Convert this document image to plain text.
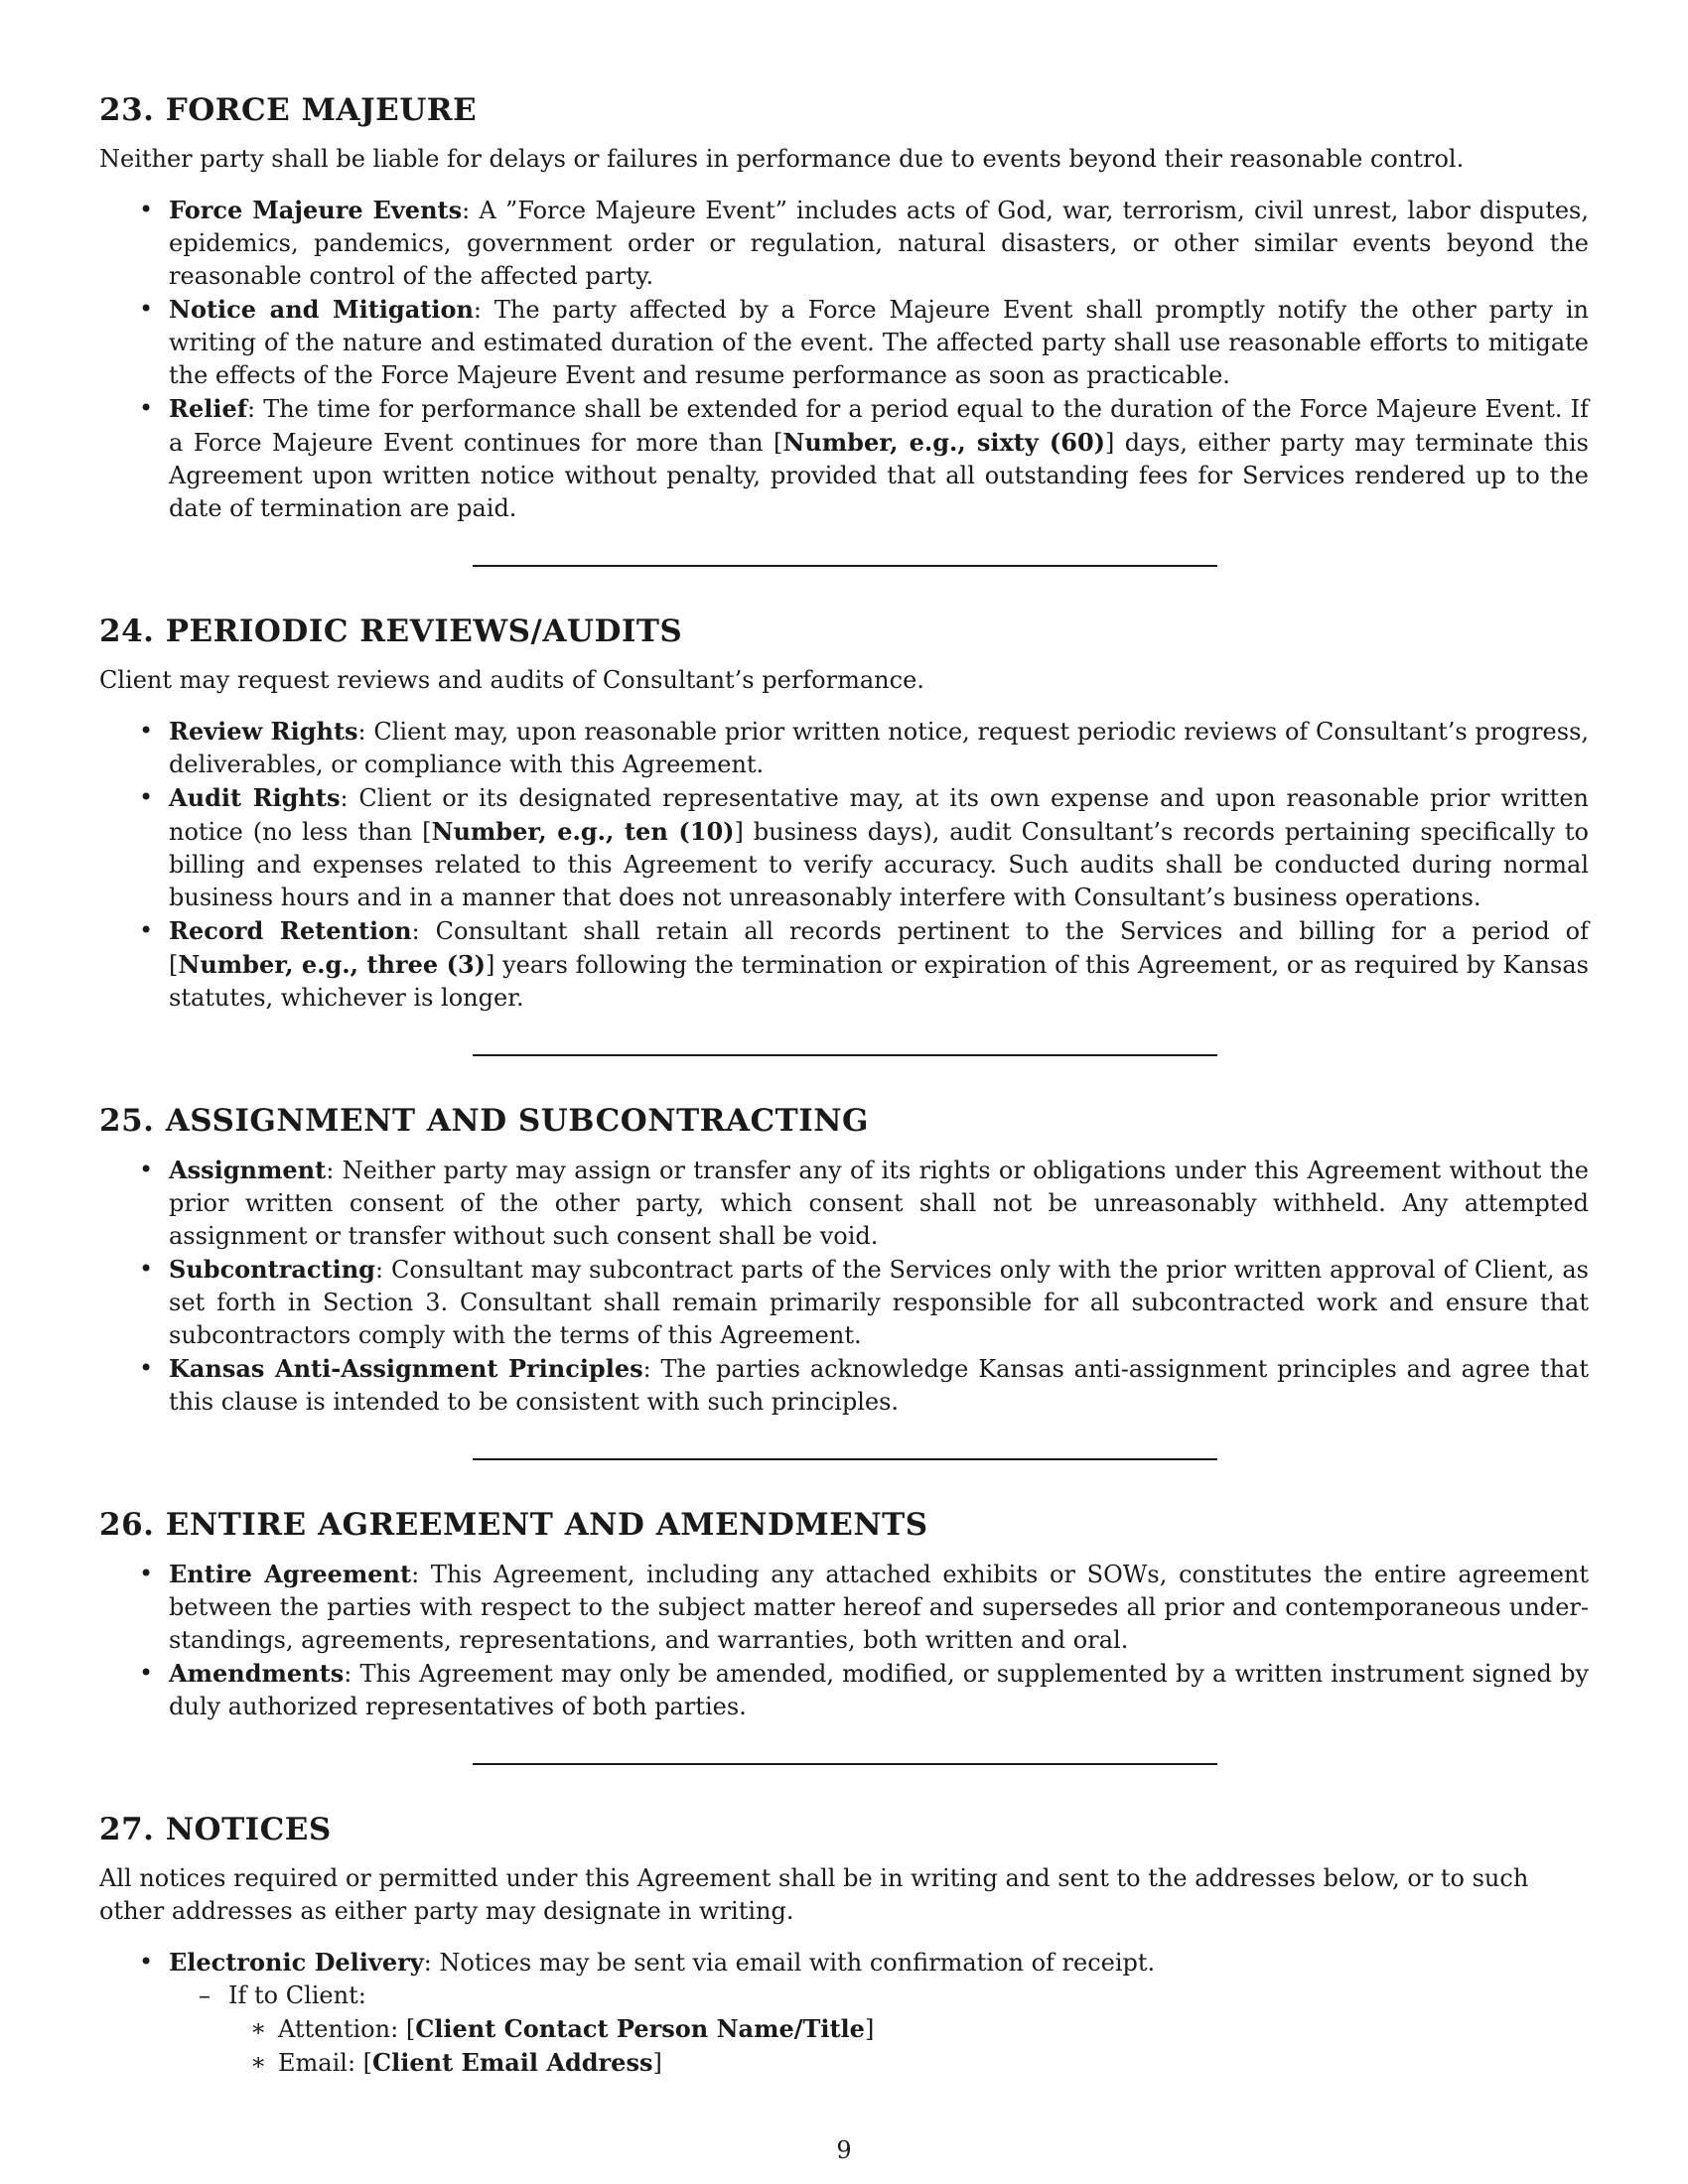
23. FORCE MAJEURE

Neither party shall be liable for delays or failures in performance due to events beyond their reasonable control.

• Force Majeure Events: A ”Force Majeure Event” includes acts of God, war, terrorism, civil unrest, labor disputes, epidemics, pandemics, government order or regulation, natural disasters, or other similar events beyond the reasonable control of the affected party.
• Notice and Mitigation: The party affected by a Force Majeure Event shall promptly notify the other party in writing of the nature and estimated duration of the event. The affected party shall use reasonable efforts to mitigate the effects of the Force Majeure Event and resume performance as soon as practicable.
• Relief: The time for performance shall be extended for a period equal to the duration of the Force Majeure Event. If a Force Majeure Event continues for more than [Number, e.g., sixty (60)] days, either party may terminate this Agreement upon written notice without penalty, provided that all outstanding fees for Services rendered up to the date of termination are paid.
24. PERIODIC REVIEWS/AUDITS

Client may request reviews and audits of Consultant’s performance.

• Review Rights: Client may, upon reasonable prior written notice, request periodic reviews of Consultant’s progress, deliverables, or compliance with this Agreement.
• Audit Rights: Client or its designated representative may, at its own expense and upon reasonable prior written notice (no less than [Number, e.g., ten (10)] business days), audit Consultant’s records pertaining specifically to billing and expenses related to this Agreement to verify accuracy. Such audits shall be conducted during normal business hours and in a manner that does not unreasonably interfere with Consultant’s business operations.
• Record Retention: Consultant shall retain all records pertinent to the Services and billing for a period of [Number, e.g., three (3)] years following the termination or expiration of this Agreement, or as required by Kansas statutes, whichever is longer.
25. ASSIGNMENT AND SUBCONTRACTING
• Assignment: Neither party may assign or transfer any of its rights or obligations under this Agreement without the prior written consent of the other party, which consent shall not be unreasonably withheld. Any attempted assignment or transfer without such consent shall be void.
• Subcontracting: Consultant may subcontract parts of the Services only with the prior written approval of Client, as set forth in Section 3. Consultant shall remain primarily responsible for all subcontracted work and ensure that subcontractors comply with the terms of this Agreement.
• Kansas Anti-Assignment Principles: The parties acknowledge Kansas anti-assignment principles and agree that this clause is intended to be consistent with such principles.
26. ENTIRE AGREEMENT AND AMENDMENTS
• Entire Agreement: This Agreement, including any attached exhibits or SOWs, constitutes the entire agreement between the parties with respect to the subject matter hereof and supersedes all prior and contemporaneous understandings, agreements, representations, and warranties, both written and oral.
• Amendments: This Agreement may only be amended, modified, or supplemented by a written instrument signed by duly authorized representatives of both parties.
27. NOTICES

All notices required or permitted under this Agreement shall be in writing and sent to the addresses below, or to such other addresses as either party may designate in writing.

• Electronic Delivery: Notices may be sent via email with confirmation of receipt.
– If to Client:
∗ Attention: [Client Contact Person Name/Title]
∗ Email: [Client Email Address]
9
